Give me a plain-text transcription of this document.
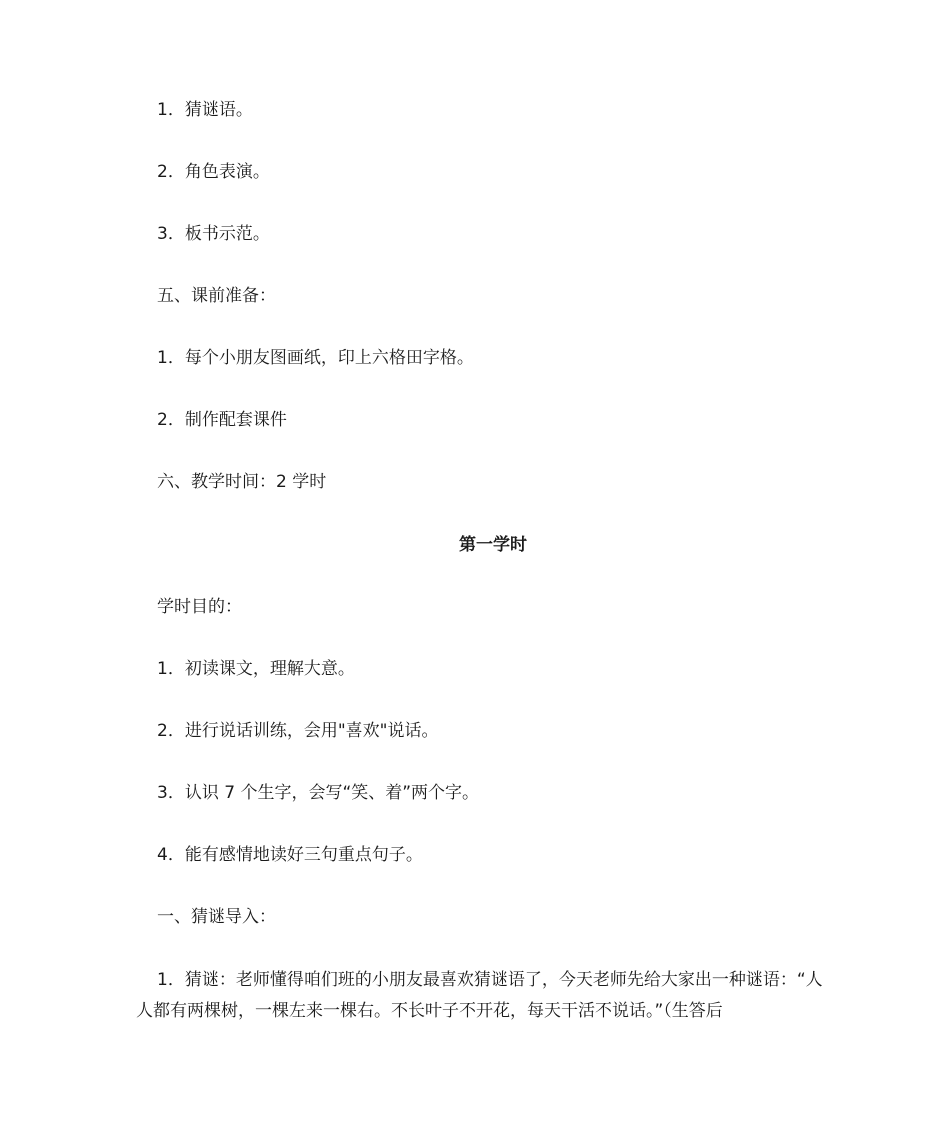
1．猜谜语。
2．角色表演。
3．板书示范。
五、课前准备：
1．每个小朋友图画纸，印上六格田字格。
2．制作配套课件
六、教学时间：2 学时
第一学时
学时目的：
1．初读课文，理解大意。
2．进行说话训练，会用"喜欢"说话。
3．认识 7 个生字，会写“笑、着”两个字。
4．能有感情地读好三句重点句子。
一、猜谜导入：
1．猜谜：老师懂得咱们班的小朋友最喜欢猜谜语了，今天老师先给大家出一种谜语：“人人都有两棵树，一棵左来一棵右。不长叶子不开花，每天干活不说话。”（生答后
